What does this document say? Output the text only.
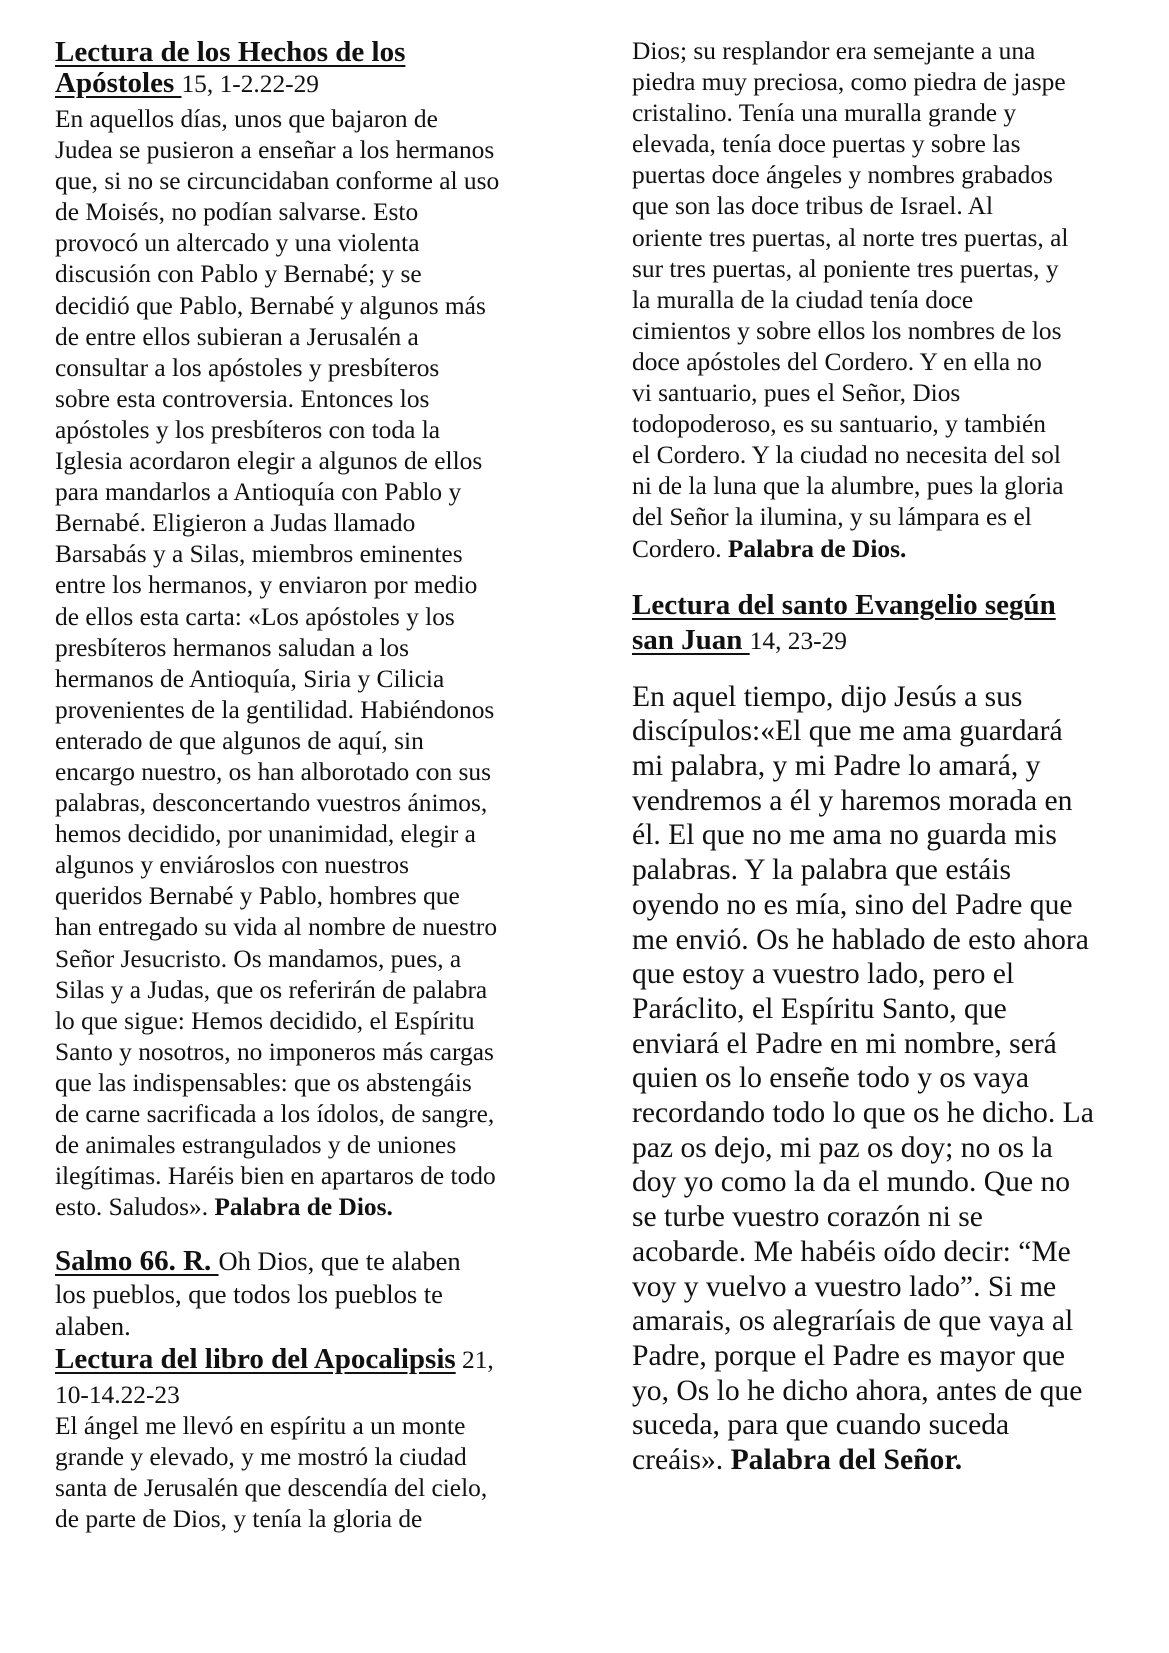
Lectura de los Hechos de los
Apóstoles 15, 1-2.22-29
En aquellos días, unos que bajaron de
Judea se pusieron a enseñar a los hermanos
que, si no se circuncidaban conforme al uso
de Moisés, no podían salvarse. Esto
provocó un altercado y una violenta
discusión con Pablo y Bernabé; y se
decidió que Pablo, Bernabé y algunos más
de entre ellos subieran a Jerusalén a
consultar a los apóstoles y presbíteros
sobre esta controversia. Entonces los
apóstoles y los presbíteros con toda la
Iglesia acordaron elegir a algunos de ellos
para mandarlos a Antioquía con Pablo y
Bernabé. Eligieron a Judas llamado
Barsabás y a Silas, miembros eminentes
entre los hermanos, y enviaron por medio
de ellos esta carta: «Los apóstoles y los
presbíteros hermanos saludan a los
hermanos de Antioquía, Siria y Cilicia
provenientes de la gentilidad. Habiéndonos
enterado de que algunos de aquí, sin
encargo nuestro, os han alborotado con sus
palabras, desconcertando vuestros ánimos,
hemos decidido, por unanimidad, elegir a
algunos y enviároslos con nuestros
queridos Bernabé y Pablo, hombres que
han entregado su vida al nombre de nuestro
Señor Jesucristo. Os mandamos, pues, a
Silas y a Judas, que os referirán de palabra
lo que sigue: Hemos decidido, el Espíritu
Santo y nosotros, no imponeros más cargas
que las indispensables: que os abstengáis
de carne sacrificada a los ídolos, de sangre,
de animales estrangulados y de uniones
ilegítimas. Haréis bien en apartaros de todo
esto. Saludos». Palabra de Dios.
Salmo 66. R. Oh Dios, que te alaben
los pueblos, que todos los pueblos te
alaben.
Lectura del libro del Apocalipsis 21,
10-14.22-23
El ángel me llevó en espíritu a un monte
grande y elevado, y me mostró la ciudad
santa de Jerusalén que descendía del cielo,
de parte de Dios, y tenía la gloria de
Dios; su resplandor era semejante a una
piedra muy preciosa, como piedra de jaspe
cristalino. Tenía una muralla grande y
elevada, tenía doce puertas y sobre las
puertas doce ángeles y nombres grabados
que son las doce tribus de Israel. Al
oriente tres puertas, al norte tres puertas, al
sur tres puertas, al poniente tres puertas, y
la muralla de la ciudad tenía doce
cimientos y sobre ellos los nombres de los
doce apóstoles del Cordero. Y en ella no
vi santuario, pues el Señor, Dios
todopoderoso, es su santuario, y también
el Cordero. Y la ciudad no necesita del sol
ni de la luna que la alumbre, pues la gloria
del Señor la ilumina, y su lámpara es el
Cordero. Palabra de Dios.
Lectura del santo Evangelio según
san Juan 14, 23-29
En aquel tiempo, dijo Jesús a sus
discípulos:«El que me ama guardará
mi palabra, y mi Padre lo amará, y
vendremos a él y haremos morada en
él. El que no me ama no guarda mis
palabras. Y la palabra que estáis
oyendo no es mía, sino del Padre que
me envió. Os he hablado de esto ahora
que estoy a vuestro lado, pero el
Paráclito, el Espíritu Santo, que
enviará el Padre en mi nombre, será
quien os lo enseñe todo y os vaya
recordando todo lo que os he dicho. La
paz os dejo, mi paz os doy; no os la
doy yo como la da el mundo. Que no
se turbe vuestro corazón ni se
acobarde. Me habéis oído decir: “Me
voy y vuelvo a vuestro lado”. Si me
amarais, os alegraríais de que vaya al
Padre, porque el Padre es mayor que
yo, Os lo he dicho ahora, antes de que
suceda, para que cuando suceda
creáis». Palabra del Señor.
